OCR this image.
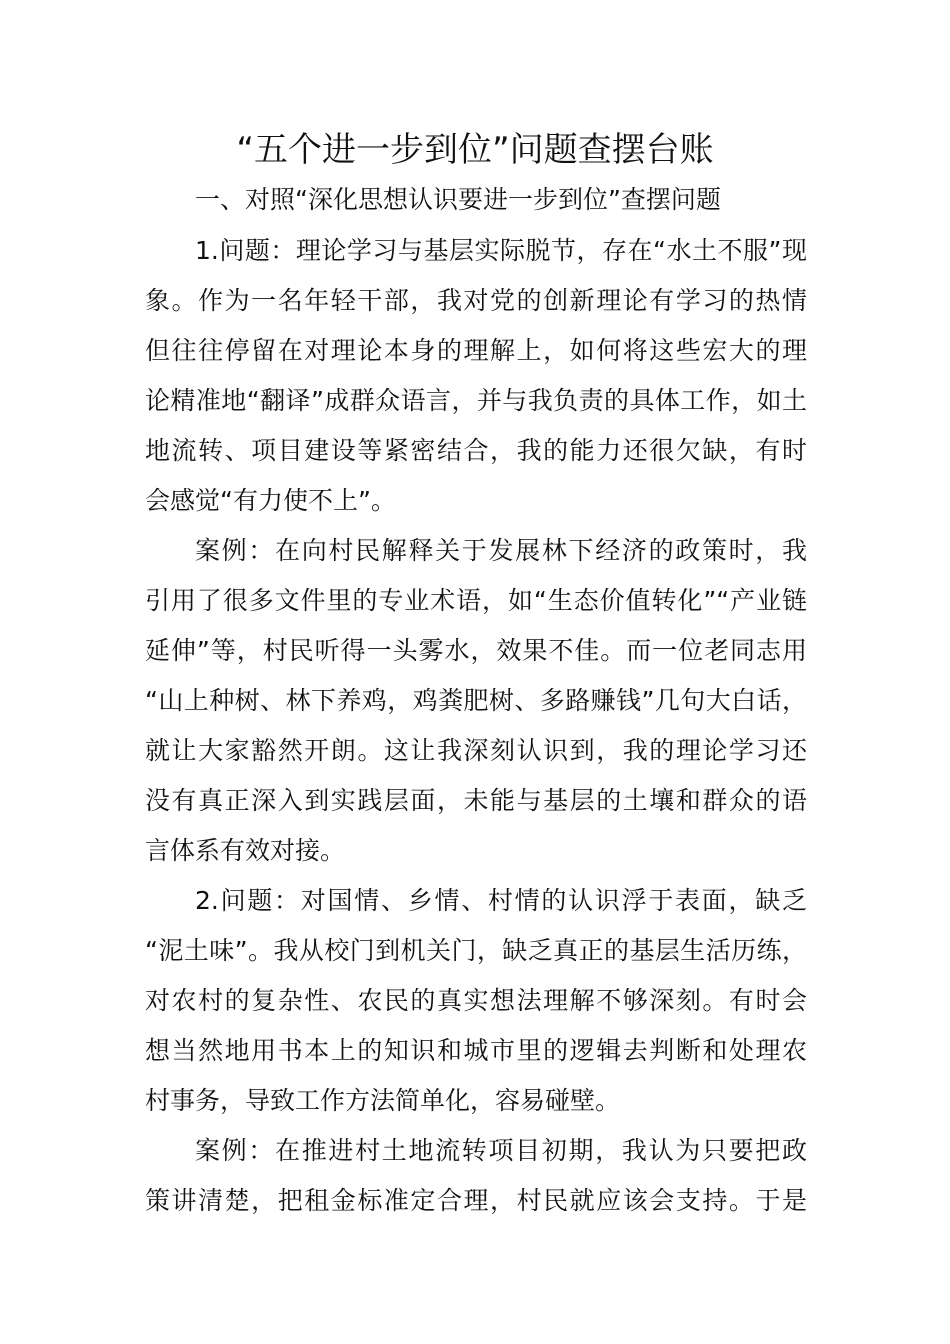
“五个进一步到位”问题查摆台账

一、对照“深化思想认识要进一步到位”查摆问题

1.问题：理论学习与基层实际脱节，存在“水土不服”现
象。作为一名年轻干部，我对党的创新理论有学习的热情
但往往停留在对理论本身的理解上，如何将这些宏大的理
论精准地“翻译”成群众语言，并与我负责的具体工作，如土
地流转、项目建设等紧密结合，我的能力还很欠缺，有时
会感觉“有力使不上”。

案例：在向村民解释关于发展林下经济的政策时，我
引用了很多文件里的专业术语，如“生态价值转化”“产业链
延伸”等，村民听得一头雾水，效果不佳。而一位老同志用
“山上种树、林下养鸡，鸡粪肥树、多路赚钱”几句大白话，
就让大家豁然开朗。这让我深刻认识到，我的理论学习还
没有真正深入到实践层面，未能与基层的土壤和群众的语
言体系有效对接。

2.问题：对国情、乡情、村情的认识浮于表面，缺乏
“泥土味”。我从校门到机关门，缺乏真正的基层生活历练，
对农村的复杂性、农民的真实想法理解不够深刻。有时会
想当然地用书本上的知识和城市里的逻辑去判断和处理农
村事务，导致工作方法简单化，容易碰壁。

案例：在推进村土地流转项目初期，我认为只要把政
策讲清楚，把租金标准定合理，村民就应该会支持。于是
